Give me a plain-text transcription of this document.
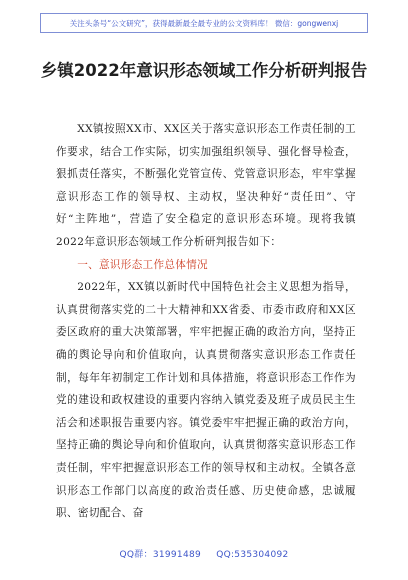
关注头条号“公文研究”，获得最新最全最专业的公文资料库！ 微信：gongwenxj
乡镇2022年意识形态领域工作分析研判报告

XX镇按照XX市、XX区关于落实意识形态工作责任制的工作要求，结合工作实际，切实加强组织领导、强化督导检查，狠抓责任落实，不断强化党管宣传、党管意识形态，牢牢掌握意识形态工作的领导权、主动权，坚决种好“责任田”、守好“主阵地”，营造了安全稳定的意识形态环境。现将我镇2022年意识形态领域工作分析研判报告如下：

一、意识形态工作总体情况

2022年，XX镇以新时代中国特色社会主义思想为指导，认真贯彻落实党的二十大精神和XX省委、市委市政府和XX区委区政府的重大决策部署，牢牢把握正确的政治方向，坚持正确的舆论导向和价值取向，认真贯彻落实意识形态工作责任制，每年年初制定工作计划和具体措施，将意识形态工作作为党的建设和政权建设的重要内容纳入镇党委及班子成员民主生活会和述职报告重要内容。镇党委牢牢把握正确的政治方向，坚持正确的舆论导向和价值取向，认真贯彻落实意识形态工作责任制，牢牢把握意识形态工作的领导权和主动权。全镇各意识形态工作部门以高度的政治责任感、历史使命感，忠诚履职、密切配合、奋

QQ群：31991489 QQ:535304092
